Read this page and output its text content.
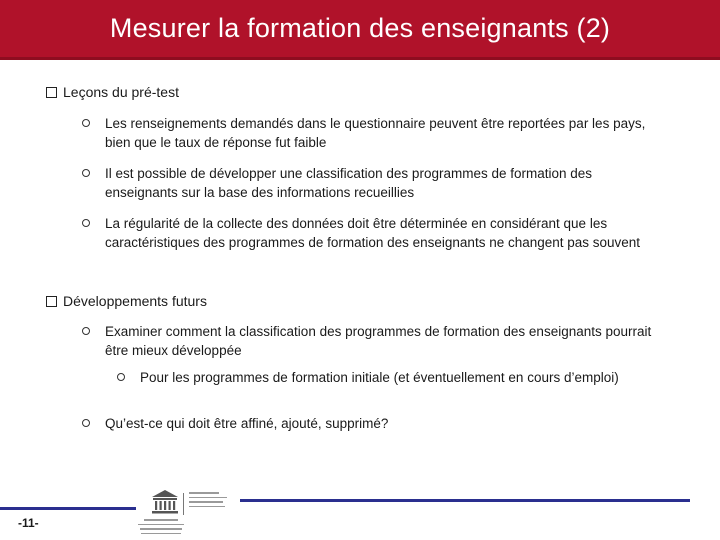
Mesurer la formation des enseignants (2)
Leçons du pré-test
Les renseignements demandés dans le questionnaire peuvent être reportées par les pays, bien que le taux de réponse fut faible
Il est possible de développer une classification des programmes de formation des enseignants sur la base des informations recueillies
La régularité de la collecte des données doit être déterminée en considérant que les caractéristiques des programmes de formation des enseignants ne changent pas souvent
Développements futurs
Examiner comment la classification des programmes de formation des enseignants pourrait être mieux développée
Pour les programmes de formation initiale (et éventuellement en cours d’emploi)
Qu’est-ce qui doit être affiné, ajouté, supprimé?
-11-
